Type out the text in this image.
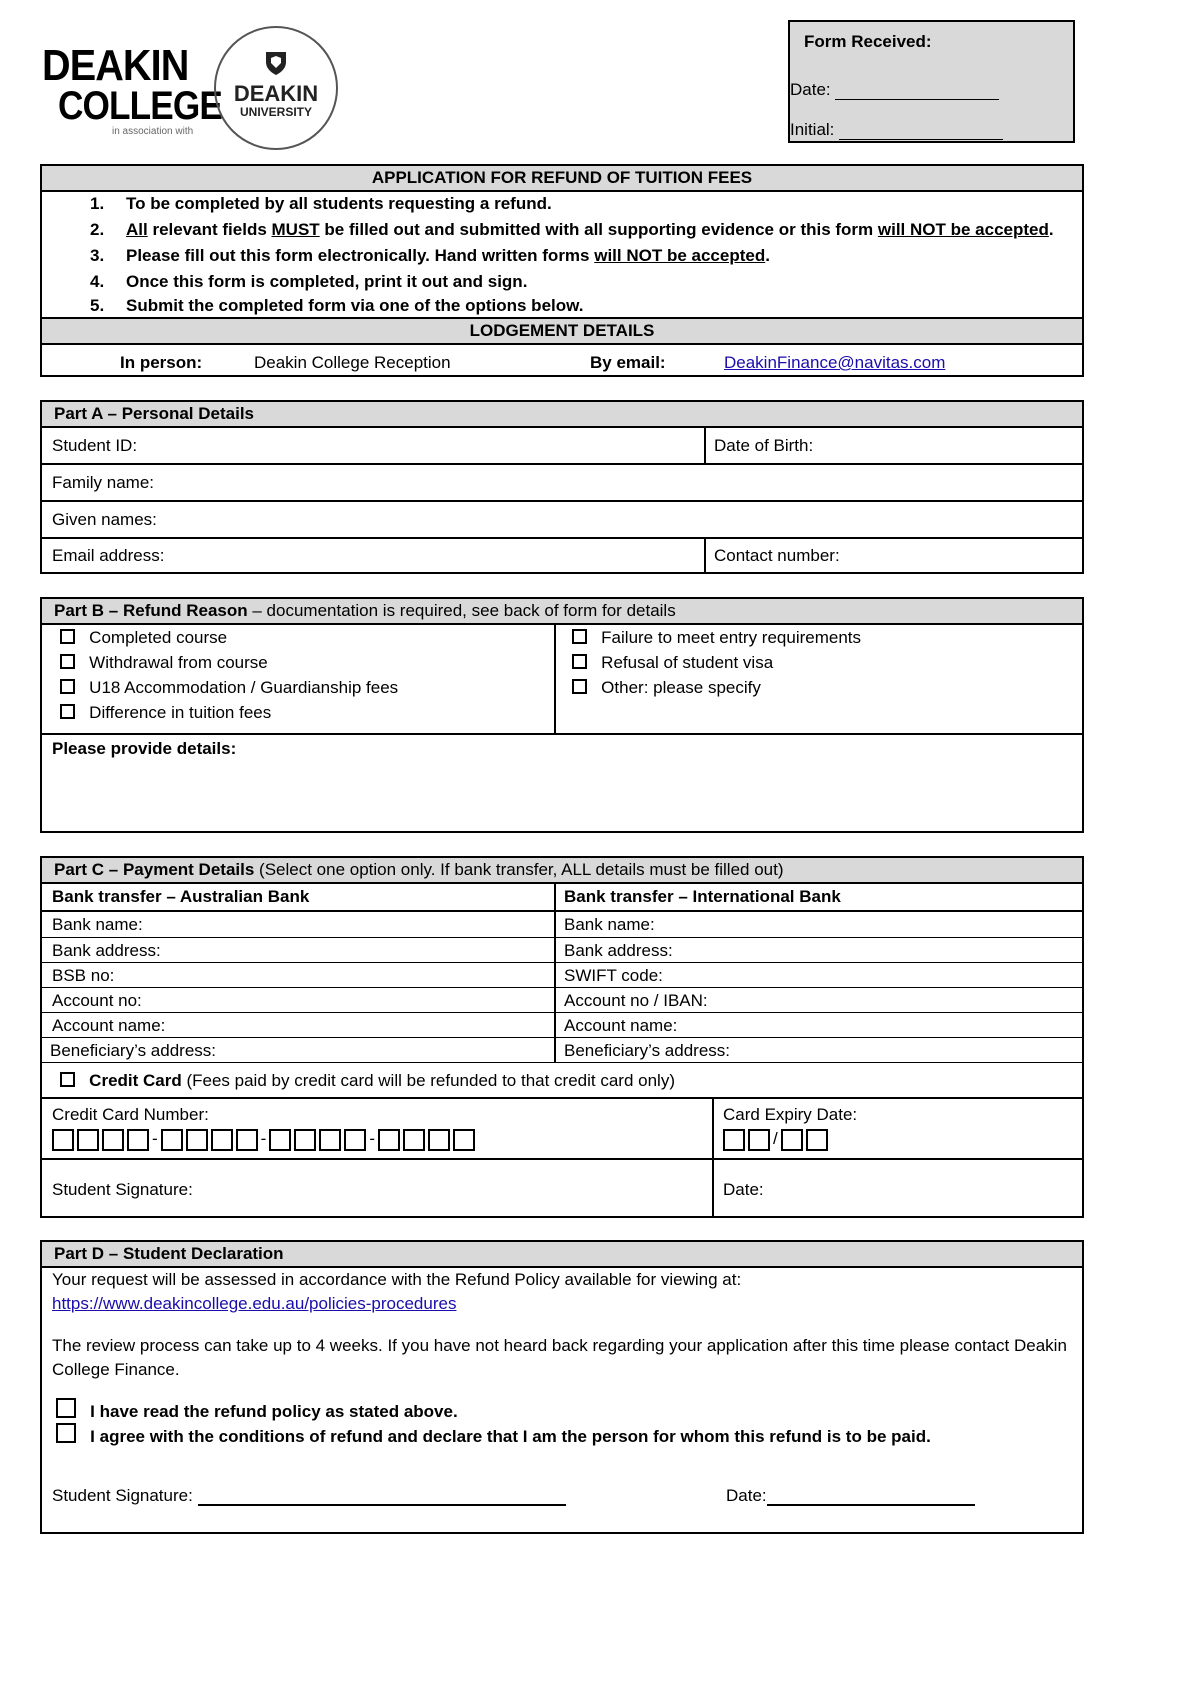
DEAKIN
COLLEGE
in association with
DEAKIN
UNIVERSITY
Form Received:
Date:
Initial:
APPLICATION FOR REFUND OF TUITION FEES
1. To be completed by all students requesting a refund.
2. All relevant fields MUST be filled out and submitted with all supporting evidence or this form will NOT be accepted.
3. Please fill out this form electronically. Hand written forms will NOT be accepted.
4. Once this form is completed, print it out and sign.
5. Submit the completed form via one of the options below.
LODGEMENT DETAILS
In person:	Deakin College Reception	By email:	DeakinFinance@navitas.com
Part A – Personal Details
Student ID:	Date of Birth:
Family name:
Given names:
Email address:	Contact number:
Part B – Refund Reason – documentation is required, see back of form for details
Completed course
Withdrawal from course
U18 Accommodation / Guardianship fees
Difference in tuition fees
Failure to meet entry requirements
Refusal of student visa
Other: please specify
Please provide details:
Part C – Payment Details (Select one option only. If bank transfer, ALL details must be filled out)
Bank transfer – Australian Bank	Bank transfer – International Bank
Bank name:	Bank name:
Bank address:	Bank address:
BSB no:	SWIFT code:
Account no:	Account no / IBAN:
Account name:	Account name:
Beneficiary’s address:	Beneficiary’s address:
Credit Card (Fees paid by credit card will be refunded to that credit card only)
Credit Card Number:
-	-	-
Card Expiry Date:
/
Student Signature:	Date:
Part D – Student Declaration
Your request will be assessed in accordance with the Refund Policy available for viewing at:
https://www.deakincollege.edu.au/policies-procedures
The review process can take up to 4 weeks. If you have not heard back regarding your application after this time please contact Deakin College Finance.
I have read the refund policy as stated above.
I agree with the conditions of refund and declare that I am the person for whom this refund is to be paid.
Student Signature:	Date:
